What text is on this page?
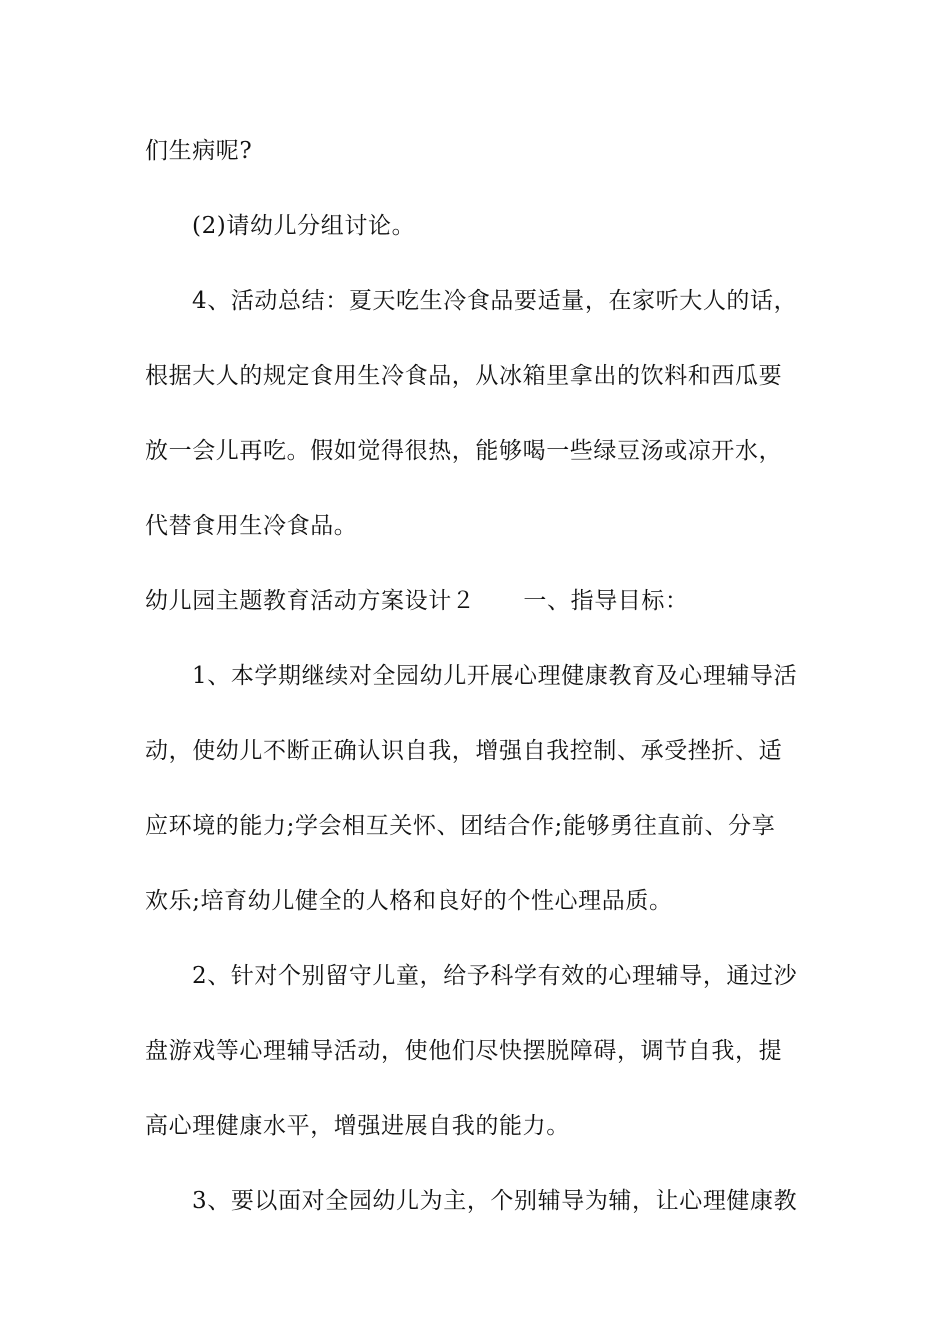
们生病呢?
(2)请幼儿分组讨论。
4、活动总结：夏天吃生冷食品要适量，在家听大人的话，
根据大人的规定食用生冷食品，从冰箱里拿出的饮料和西瓜要
放一会儿再吃。假如觉得很热，能够喝一些绿豆汤或凉开水，
代替食用生冷食品。
幼儿园主题教育活动方案设计２ 一、指导目标：
1、本学期继续对全园幼儿开展心理健康教育及心理辅导活
动，使幼儿不断正确认识自我，增强自我控制、承受挫折、适
应环境的能力;学会相互关怀、团结合作;能够勇往直前、分享
欢乐;培育幼儿健全的人格和良好的个性心理品质。
2、针对个别留守儿童，给予科学有效的心理辅导，通过沙
盘游戏等心理辅导活动，使他们尽快摆脱障碍，调节自我，提
高心理健康水平，增强进展自我的能力。
3、要以面对全园幼儿为主，个别辅导为辅，让心理健康教
